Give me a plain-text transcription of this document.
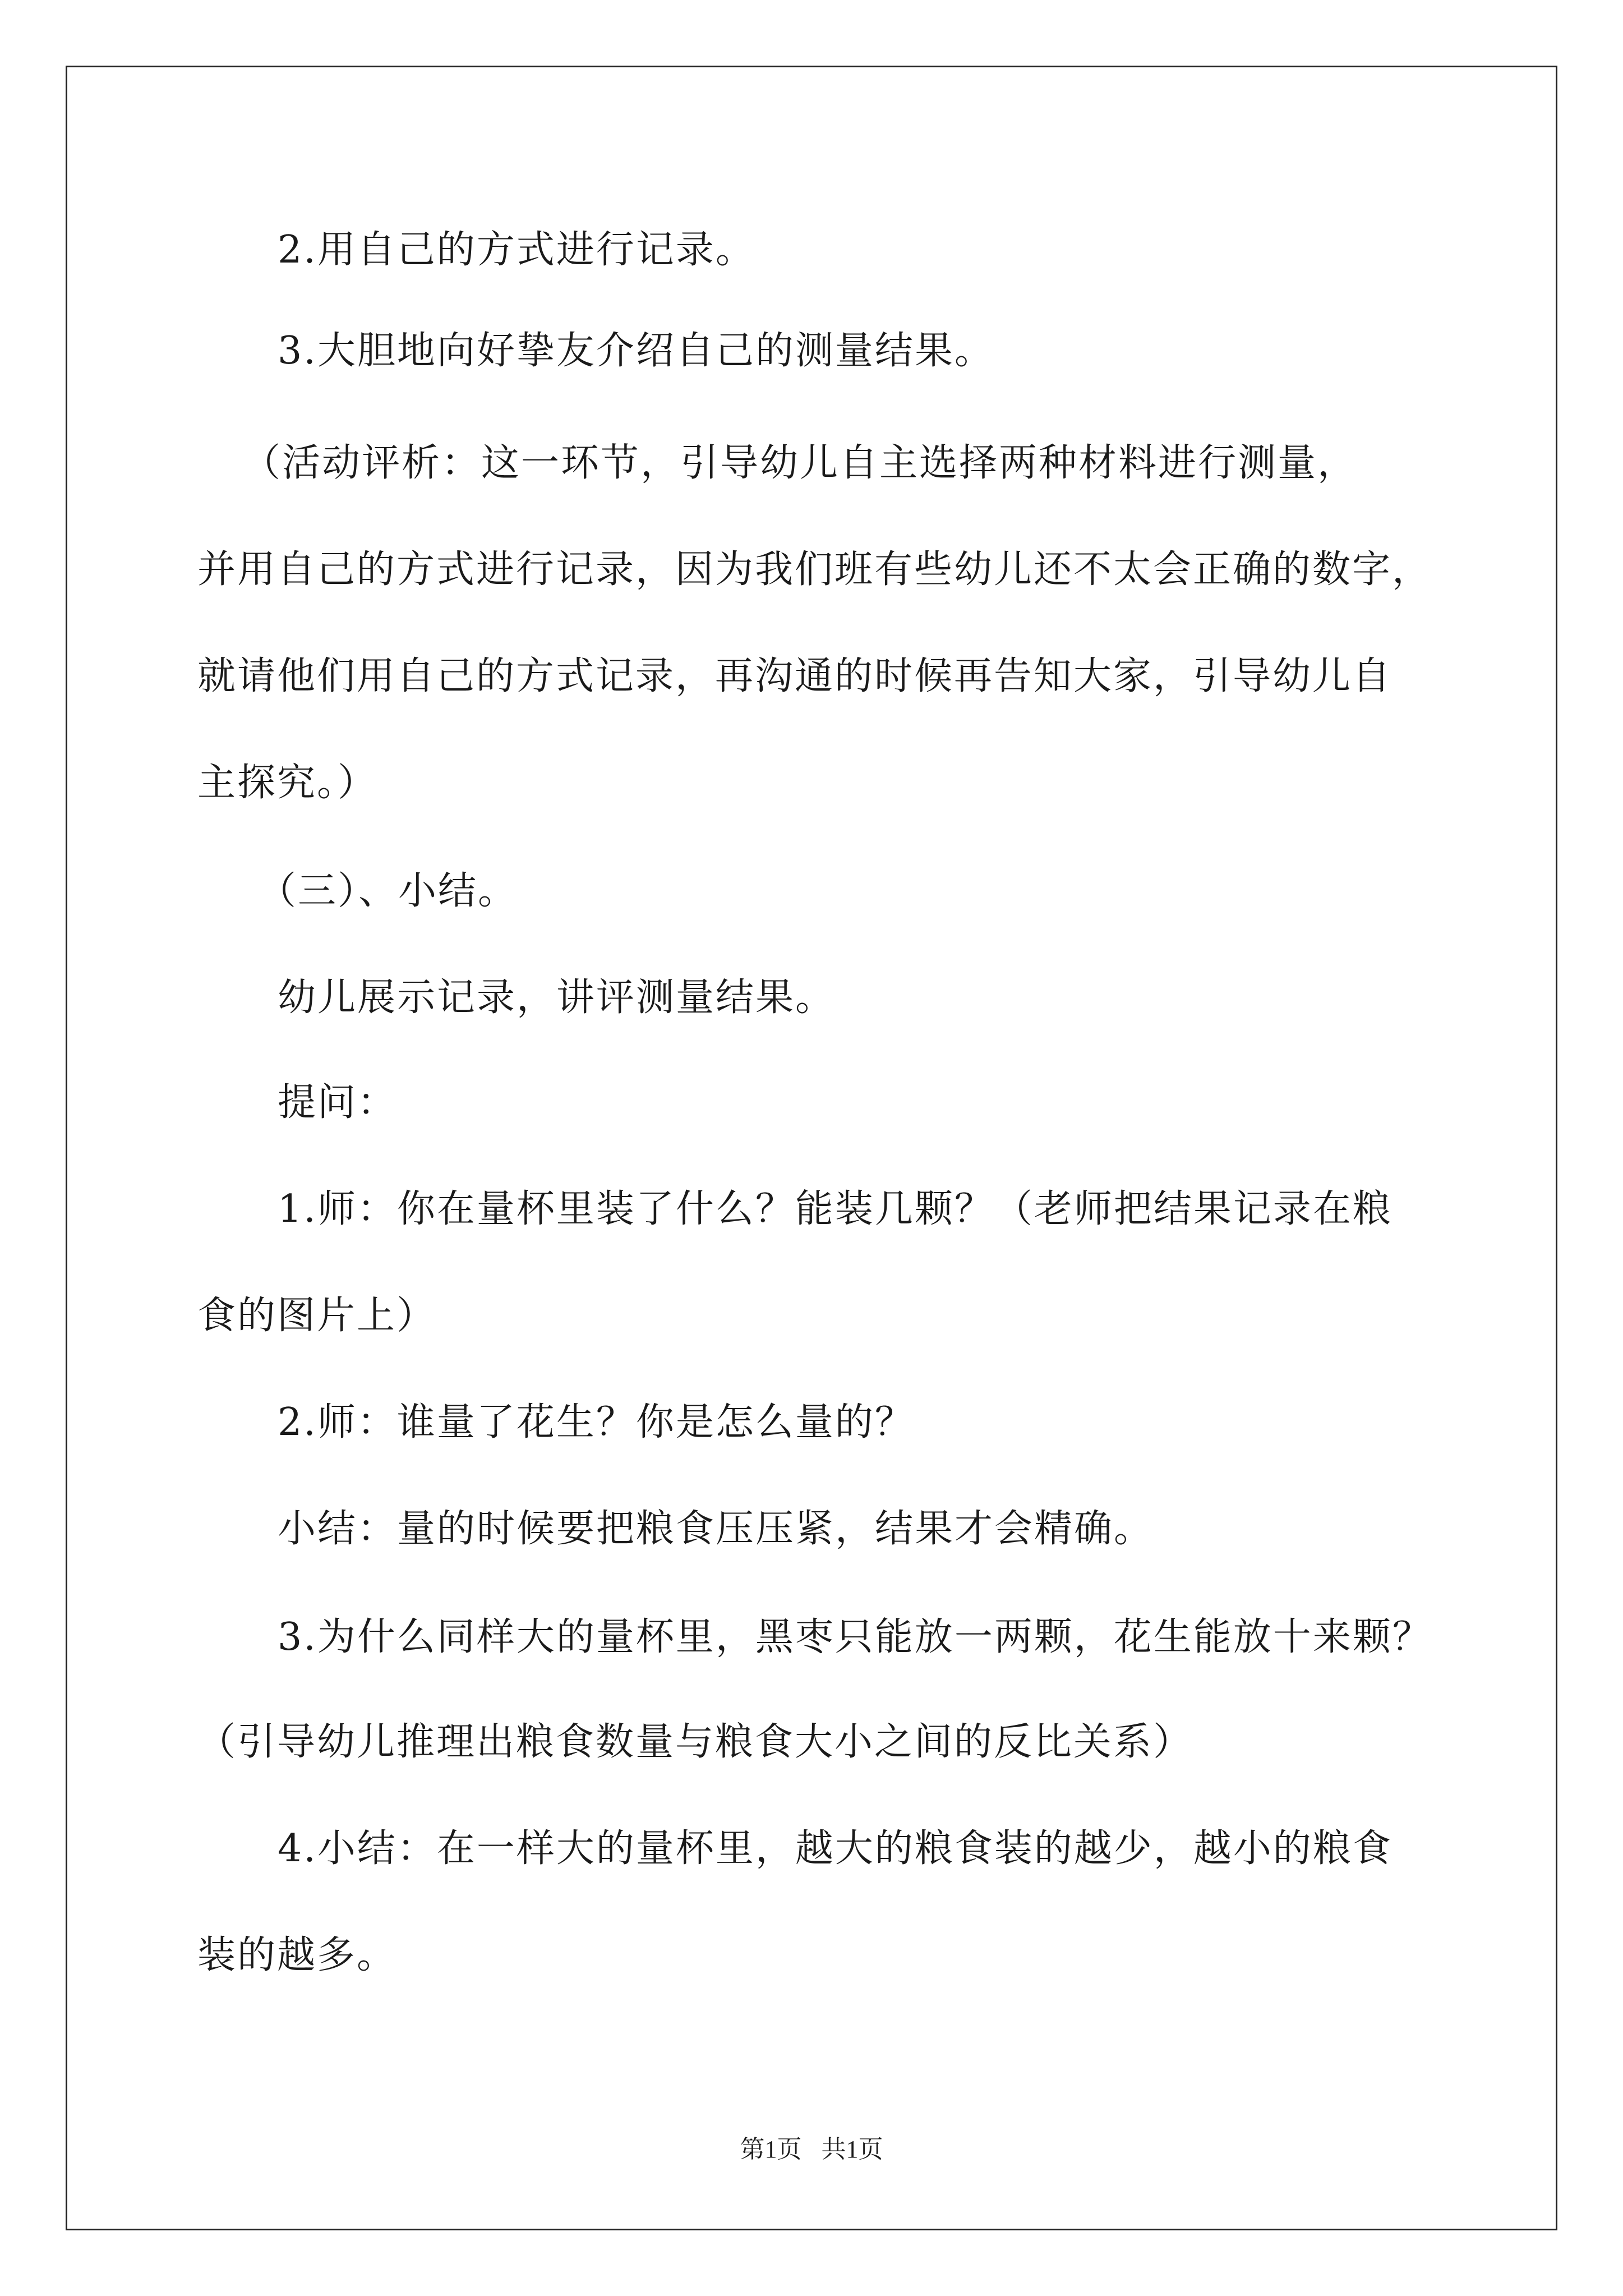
2.用自己的方式进行记录。
3.大胆地向好挚友介绍自己的测量结果。
（活动评析：这一环节，引导幼儿自主选择两种材料进行测量，
并用自己的方式进行记录，因为我们班有些幼儿还不太会正确的数字，
就请他们用自己的方式记录，再沟通的时候再告知大家，引导幼儿自
主探究。）
（三）、小结。
幼儿展示记录，讲评测量结果。
提问：
1.师：你在量杯里装了什么？能装几颗？（老师把结果记录在粮
食的图片上）
2.师：谁量了花生？你是怎么量的？
小结：量的时候要把粮食压压紧，结果才会精确。
3.为什么同样大的量杯里，黑枣只能放一两颗，花生能放十来颗？
（引导幼儿推理出粮食数量与粮食大小之间的反比关系）
4.小结：在一样大的量杯里，越大的粮食装的越少，越小的粮食
装的越多。
第1页 共1页
